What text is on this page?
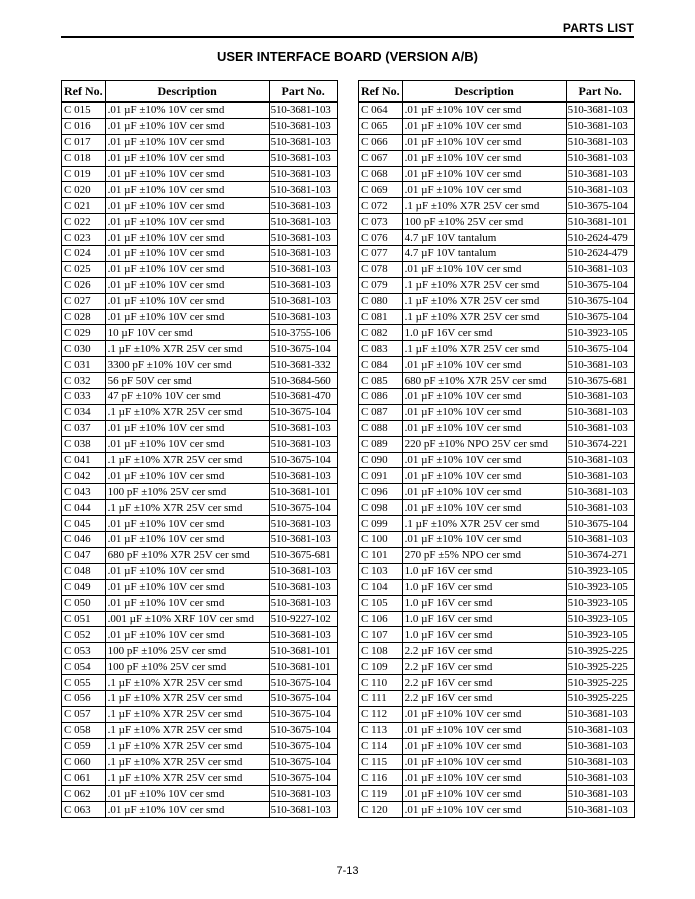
PARTS LIST
USER INTERFACE BOARD (VERSION A/B)
Ref No.	Description	Part No.
C 015	.01 µF ±10% 10V cer smd	510-3681-103
C 016	.01 µF ±10% 10V cer smd	510-3681-103
C 017	.01 µF ±10% 10V cer smd	510-3681-103
C 018	.01 µF ±10% 10V cer smd	510-3681-103
C 019	.01 µF ±10% 10V cer smd	510-3681-103
C 020	.01 µF ±10% 10V cer smd	510-3681-103
C 021	.01 µF ±10% 10V cer smd	510-3681-103
C 022	.01 µF ±10% 10V cer smd	510-3681-103
C 023	.01 µF ±10% 10V cer smd	510-3681-103
C 024	.01 µF ±10% 10V cer smd	510-3681-103
C 025	.01 µF ±10% 10V cer smd	510-3681-103
C 026	.01 µF ±10% 10V cer smd	510-3681-103
C 027	.01 µF ±10% 10V cer smd	510-3681-103
C 028	.01 µF ±10% 10V cer smd	510-3681-103
C 029	10 µF 10V cer smd	510-3755-106
C 030	.1 µF ±10% X7R 25V cer smd	510-3675-104
C 031	3300 pF ±10% 10V cer smd	510-3681-332
C 032	56 pF 50V cer smd	510-3684-560
C 033	47 pF ±10% 10V cer smd	510-3681-470
C 034	.1 µF ±10% X7R 25V cer smd	510-3675-104
C 037	.01 µF ±10% 10V cer smd	510-3681-103
C 038	.01 µF ±10% 10V cer smd	510-3681-103
C 041	.1 µF ±10% X7R 25V cer smd	510-3675-104
C 042	.01 µF ±10% 10V cer smd	510-3681-103
C 043	100 pF ±10% 25V cer smd	510-3681-101
C 044	.1 µF ±10% X7R 25V cer smd	510-3675-104
C 045	.01 µF ±10% 10V cer smd	510-3681-103
C 046	.01 µF ±10% 10V cer smd	510-3681-103
C 047	680 pF ±10% X7R 25V cer smd	510-3675-681
C 048	.01 µF ±10% 10V cer smd	510-3681-103
C 049	.01 µF ±10% 10V cer smd	510-3681-103
C 050	.01 µF ±10% 10V cer smd	510-3681-103
C 051	.001 µF ±10% XRF 10V cer smd	510-9227-102
C 052	.01 µF ±10% 10V cer smd	510-3681-103
C 053	100 pF ±10% 25V cer smd	510-3681-101
C 054	100 pF ±10% 25V cer smd	510-3681-101
C 055	.1 µF ±10% X7R 25V cer smd	510-3675-104
C 056	.1 µF ±10% X7R 25V cer smd	510-3675-104
C 057	.1 µF ±10% X7R 25V cer smd	510-3675-104
C 058	.1 µF ±10% X7R 25V cer smd	510-3675-104
C 059	.1 µF ±10% X7R 25V cer smd	510-3675-104
C 060	.1 µF ±10% X7R 25V cer smd	510-3675-104
C 061	.1 µF ±10% X7R 25V cer smd	510-3675-104
C 062	.01 µF ±10% 10V cer smd	510-3681-103
C 063	.01 µF ±10% 10V cer smd	510-3681-103
Ref No.	Description	Part No.
C 064	.01 µF ±10% 10V cer smd	510-3681-103
C 065	.01 µF ±10% 10V cer smd	510-3681-103
C 066	.01 µF ±10% 10V cer smd	510-3681-103
C 067	.01 µF ±10% 10V cer smd	510-3681-103
C 068	.01 µF ±10% 10V cer smd	510-3681-103
C 069	.01 µF ±10% 10V cer smd	510-3681-103
C 072	.1 µF ±10% X7R 25V cer smd	510-3675-104
C 073	100 pF ±10% 25V cer smd	510-3681-101
C 076	4.7 µF 10V tantalum	510-2624-479
C 077	4.7 µF 10V tantalum	510-2624-479
C 078	.01 µF ±10% 10V cer smd	510-3681-103
C 079	.1 µF ±10% X7R 25V cer smd	510-3675-104
C 080	.1 µF ±10% X7R 25V cer smd	510-3675-104
C 081	.1 µF ±10% X7R 25V cer smd	510-3675-104
C 082	1.0 µF 16V cer smd	510-3923-105
C 083	.1 µF ±10% X7R 25V cer smd	510-3675-104
C 084	.01 µF ±10% 10V cer smd	510-3681-103
C 085	680 pF ±10% X7R 25V cer smd	510-3675-681
C 086	.01 µF ±10% 10V cer smd	510-3681-103
C 087	.01 µF ±10% 10V cer smd	510-3681-103
C 088	.01 µF ±10% 10V cer smd	510-3681-103
C 089	220 pF ±10% NPO 25V cer smd	510-3674-221
C 090	.01 µF ±10% 10V cer smd	510-3681-103
C 091	.01 µF ±10% 10V cer smd	510-3681-103
C 096	.01 µF ±10% 10V cer smd	510-3681-103
C 098	.01 µF ±10% 10V cer smd	510-3681-103
C 099	.1 µF ±10% X7R 25V cer smd	510-3675-104
C 100	.01 µF ±10% 10V cer smd	510-3681-103
C 101	270 pF ±5% NPO cer smd	510-3674-271
C 103	1.0 µF 16V cer smd	510-3923-105
C 104	1.0 µF 16V cer smd	510-3923-105
C 105	1.0 µF 16V cer smd	510-3923-105
C 106	1.0 µF 16V cer smd	510-3923-105
C 107	1.0 µF 16V cer smd	510-3923-105
C 108	2.2 µF 16V cer smd	510-3925-225
C 109	2.2 µF 16V cer smd	510-3925-225
C 110	2.2 µF 16V cer smd	510-3925-225
C 111	2.2 µF 16V cer smd	510-3925-225
C 112	.01 µF ±10% 10V cer smd	510-3681-103
C 113	.01 µF ±10% 10V cer smd	510-3681-103
C 114	.01 µF ±10% 10V cer smd	510-3681-103
C 115	.01 µF ±10% 10V cer smd	510-3681-103
C 116	.01 µF ±10% 10V cer smd	510-3681-103
C 119	.01 µF ±10% 10V cer smd	510-3681-103
C 120	.01 µF ±10% 10V cer smd	510-3681-103
7-13
